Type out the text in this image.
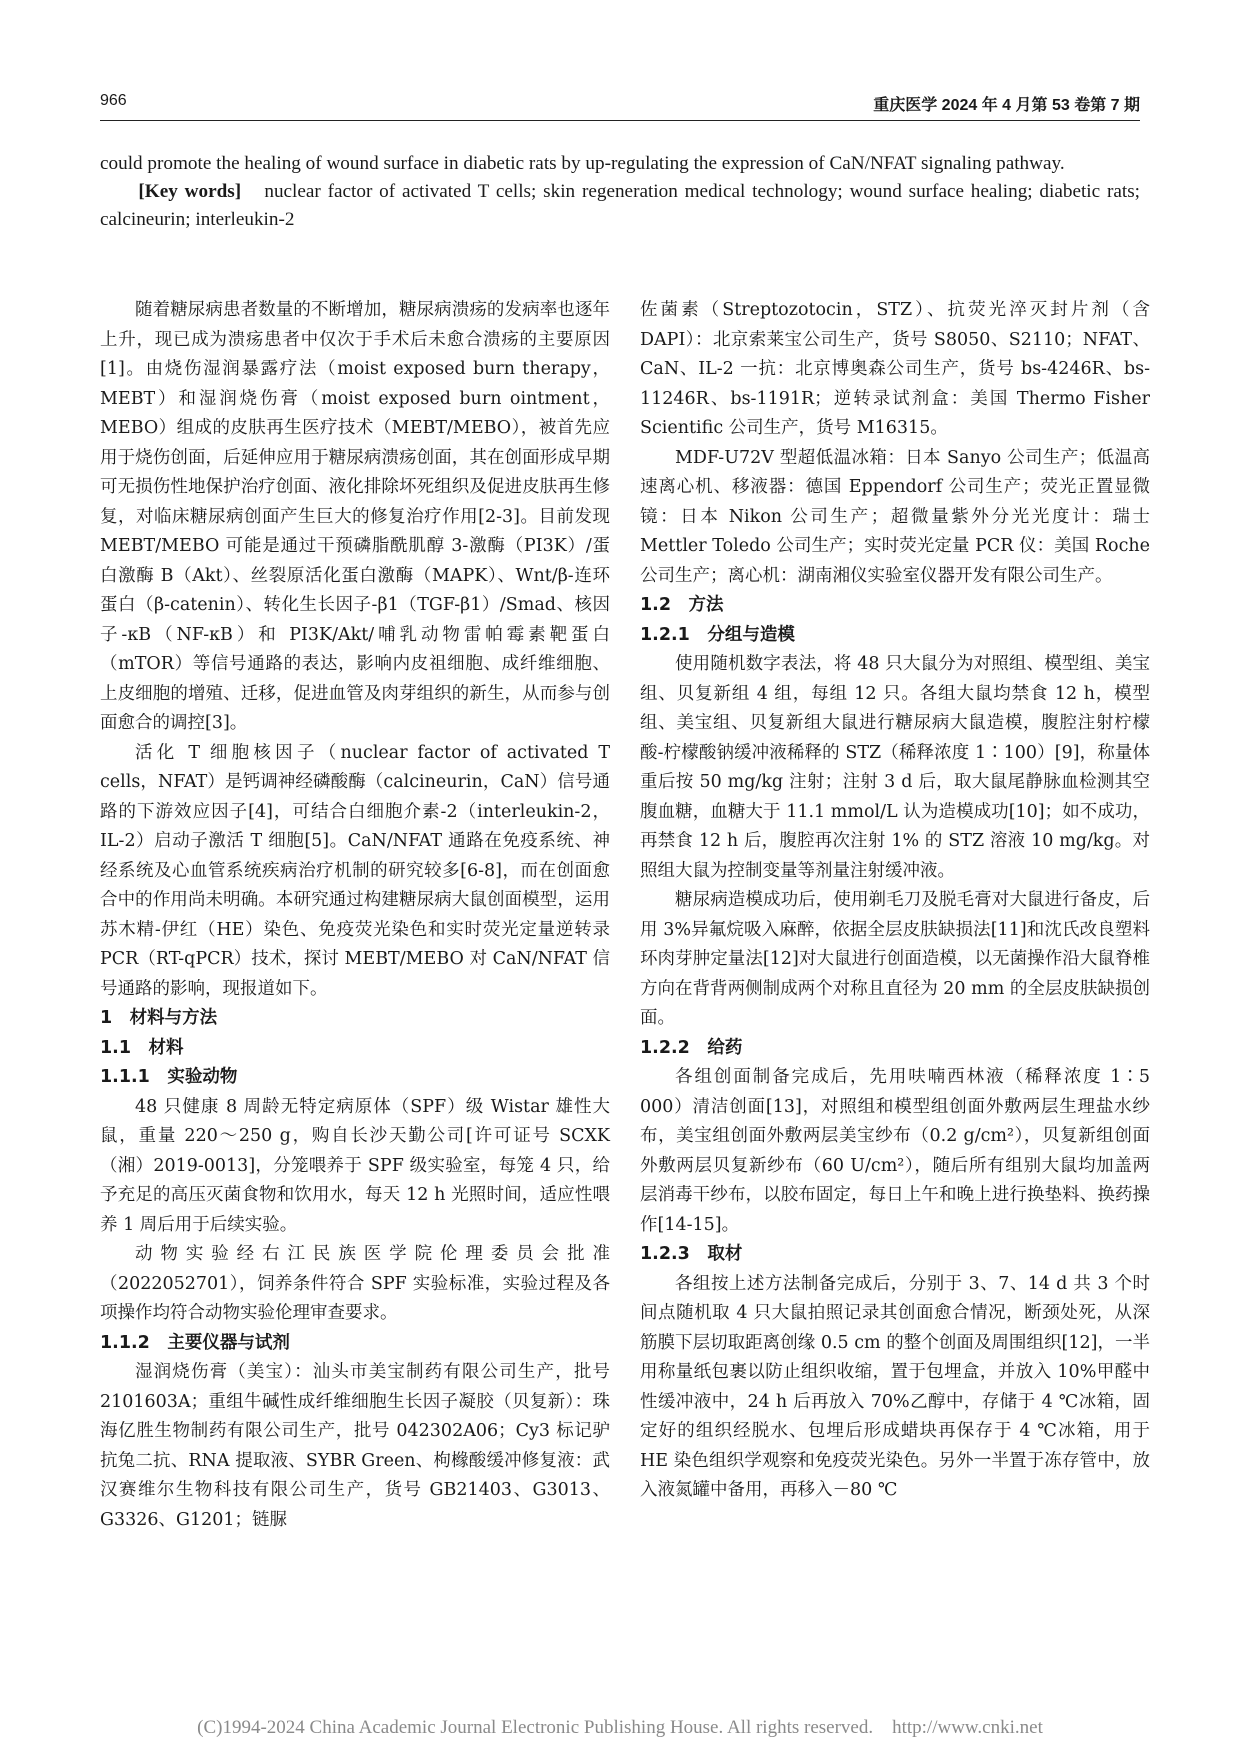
966	重庆医学 2024 年 4 月第 53 卷第 7 期

could promote the healing of wound surface in diabetic rats by up-regulating the expression of CaN/NFAT signaling pathway.

[Key words]　 nuclear factor of activated T cells; skin regeneration medical technology; wound surface healing; diabetic rats; calcineurin; interleukin-2

随着糖尿病患者数量的不断增加，糖尿病溃疡的发病率也逐年上升，现已成为溃疡患者中仅次于手术后未愈合溃疡的主要原因[1]。由烧伤湿润暴露疗法（moist exposed burn therapy，MEBT）和湿润烧伤膏（moist exposed burn ointment，MEBO）组成的皮肤再生医疗技术（MEBT/MEBO），被首先应用于烧伤创面，后延伸应用于糖尿病溃疡创面，其在创面形成早期可无损伤性地保护治疗创面、液化排除坏死组织及促进皮肤再生修复，对临床糖尿病创面产生巨大的修复治疗作用[2-3]。目前发现 MEBT/MEBO 可能是通过干预磷脂酰肌醇 3-激酶（PI3K）/蛋白激酶 B（Akt）、丝裂原活化蛋白激酶（MAPK）、Wnt/β-连环蛋白（β-catenin）、转化生长因子-β1（TGF-β1）/Smad、核因子-κB（NF-κB）和 PI3K/Akt/哺乳动物雷帕霉素靶蛋白（mTOR）等信号通路的表达，影响内皮祖细胞、成纤维细胞、上皮细胞的增殖、迁移，促进血管及肉芽组织的新生，从而参与创面愈合的调控[3]。

活化 T 细胞核因子（nuclear factor of activated T cells，NFAT）是钙调神经磷酸酶（calcineurin，CaN）信号通路的下游效应因子[4]，可结合白细胞介素-2（interleukin-2，IL-2）启动子激活 T 细胞[5]。CaN/NFAT 通路在免疫系统、神经系统及心血管系统疾病治疗机制的研究较多[6-8]，而在创面愈合中的作用尚未明确。本研究通过构建糖尿病大鼠创面模型，运用苏木精-伊红（HE）染色、免疫荧光染色和实时荧光定量逆转录 PCR（RT-qPCR）技术，探讨 MEBT/MEBO 对 CaN/NFAT 信号通路的影响，现报道如下。

1　材料与方法
1.1　材料
1.1.1　实验动物

48 只健康 8 周龄无特定病原体（SPF）级 Wistar 雄性大鼠，重量 220～250 g，购自长沙天勤公司[许可证号 SCXK（湘）2019-0013]，分笼喂养于 SPF 级实验室，每笼 4 只，给予充足的高压灭菌食物和饮用水，每天 12 h 光照时间，适应性喂养 1 周后用于后续实验。

动物实验经右江民族医学院伦理委员会批准（2022052701），饲养条件符合 SPF 实验标准，实验过程及各项操作均符合动物实验伦理审查要求。

1.1.2　主要仪器与试剂

湿润烧伤膏（美宝）：汕头市美宝制药有限公司生产，批号 2101603A；重组牛碱性成纤维细胞生长因子凝胶（贝复新）：珠海亿胜生物制药有限公司生产，批号 042302A06；Cy3 标记驴抗兔二抗、RNA 提取液、SYBR Green、枸橼酸缓冲修复液：武汉赛维尔生物科技有限公司生产，货号 GB21403、G3013、G3326、G1201；链脲

佐菌素（Streptozotocin，STZ）、抗荧光淬灭封片剂（含 DAPI）：北京索莱宝公司生产，货号 S8050、S2110；NFAT、CaN、IL-2 一抗：北京博奥森公司生产，货号 bs-4246R、bs-11246R、bs-1191R；逆转录试剂盒：美国 Thermo Fisher Scientific 公司生产，货号 M16315。

MDF-U72V 型超低温冰箱：日本 Sanyo 公司生产；低温高速离心机、移液器：德国 Eppendorf 公司生产；荧光正置显微镜：日本 Nikon 公司生产；超微量紫外分光光度计：瑞士 Mettler Toledo 公司生产；实时荧光定量 PCR 仪：美国 Roche 公司生产；离心机：湖南湘仪实验室仪器开发有限公司生产。

1.2　方法
1.2.1　分组与造模

使用随机数字表法，将 48 只大鼠分为对照组、模型组、美宝组、贝复新组 4 组，每组 12 只。各组大鼠均禁食 12 h，模型组、美宝组、贝复新组大鼠进行糖尿病大鼠造模，腹腔注射柠檬酸-柠檬酸钠缓冲液稀释的 STZ（稀释浓度 1∶100）[9]，称量体重后按 50 mg/kg 注射；注射 3 d 后，取大鼠尾静脉血检测其空腹血糖，血糖大于 11.1 mmol/L 认为造模成功[10]；如不成功，再禁食 12 h 后，腹腔再次注射 1% 的 STZ 溶液 10 mg/kg。对照组大鼠为控制变量等剂量注射缓冲液。

糖尿病造模成功后，使用剃毛刀及脱毛膏对大鼠进行备皮，后用 3%异氟烷吸入麻醉，依据全层皮肤缺损法[11]和沈氏改良塑料环肉芽肿定量法[12]对大鼠进行创面造模，以无菌操作沿大鼠脊椎方向在背背两侧制成两个对称且直径为 20 mm 的全层皮肤缺损创面。

1.2.2　给药

各组创面制备完成后，先用呋喃西林液（稀释浓度 1∶5 000）清洁创面[13]，对照组和模型组创面外敷两层生理盐水纱布，美宝组创面外敷两层美宝纱布（0.2 g/cm²），贝复新组创面外敷两层贝复新纱布（60 U/cm²），随后所有组别大鼠均加盖两层消毒干纱布，以胶布固定，每日上午和晚上进行换垫料、换药操作[14-15]。

1.2.3　取材

各组按上述方法制备完成后，分别于 3、7、14 d 共 3 个时间点随机取 4 只大鼠拍照记录其创面愈合情况，断颈处死，从深筋膜下层切取距离创缘 0.5 cm 的整个创面及周围组织[12]，一半用称量纸包裹以防止组织收缩，置于包埋盒，并放入 10%甲醛中性缓冲液中，24 h 后再放入 70%乙醇中，存储于 4 ℃冰箱，固定好的组织经脱水、包埋后形成蜡块再保存于 4 ℃冰箱，用于 HE 染色组织学观察和免疫荧光染色。另外一半置于冻存管中，放入液氮罐中备用，再移入－80 ℃

(C)1994-2024 China Academic Journal Electronic Publishing House. All rights reserved.　http://www.cnki.net
